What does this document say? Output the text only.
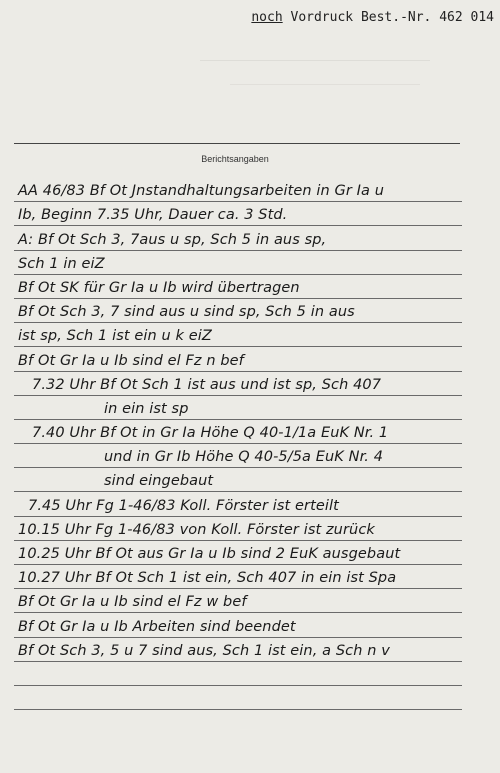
noch Vordruck Best.-Nr. 462 014
Berichtsangaben
AA 46/83 Bf Ot Jnstandhaltungsarbeiten in Gr Ia u
Ib, Beginn 7.35 Uhr, Dauer ca. 3 Std.
A: Bf Ot Sch 3, 7aus u sp, Sch 5 in aus sp,
Sch 1 in eiZ
Bf Ot SK für Gr Ia u Ib wird übertragen
Bf Ot Sch 3, 7 sind aus u sind sp, Sch 5 in aus
ist sp, Sch 1 ist ein u k eiZ
Bf Ot Gr Ia u Ib sind el Fz n bef
7.32 Uhr Bf Ot Sch 1 ist aus und ist sp, Sch 407
in ein ist sp
7.40 Uhr Bf Ot in Gr Ia Höhe Q 40-1/1a EuK Nr. 1
und in Gr Ib Höhe Q 40-5/5a EuK Nr. 4
sind eingebaut
7.45 Uhr Fg 1-46/83 Koll. Förster ist erteilt
10.15 Uhr Fg 1-46/83 von Koll. Förster ist zurück
10.25 Uhr Bf Ot aus Gr Ia u Ib sind 2 EuK ausgebaut
10.27 Uhr Bf Ot Sch 1 ist ein, Sch 407 in ein ist Spa
Bf Ot Gr Ia u Ib sind el Fz w bef
Bf Ot Gr Ia u Ib Arbeiten sind beendet
Bf Ot Sch 3, 5 u 7 sind aus, Sch 1 ist ein, a Sch n v
